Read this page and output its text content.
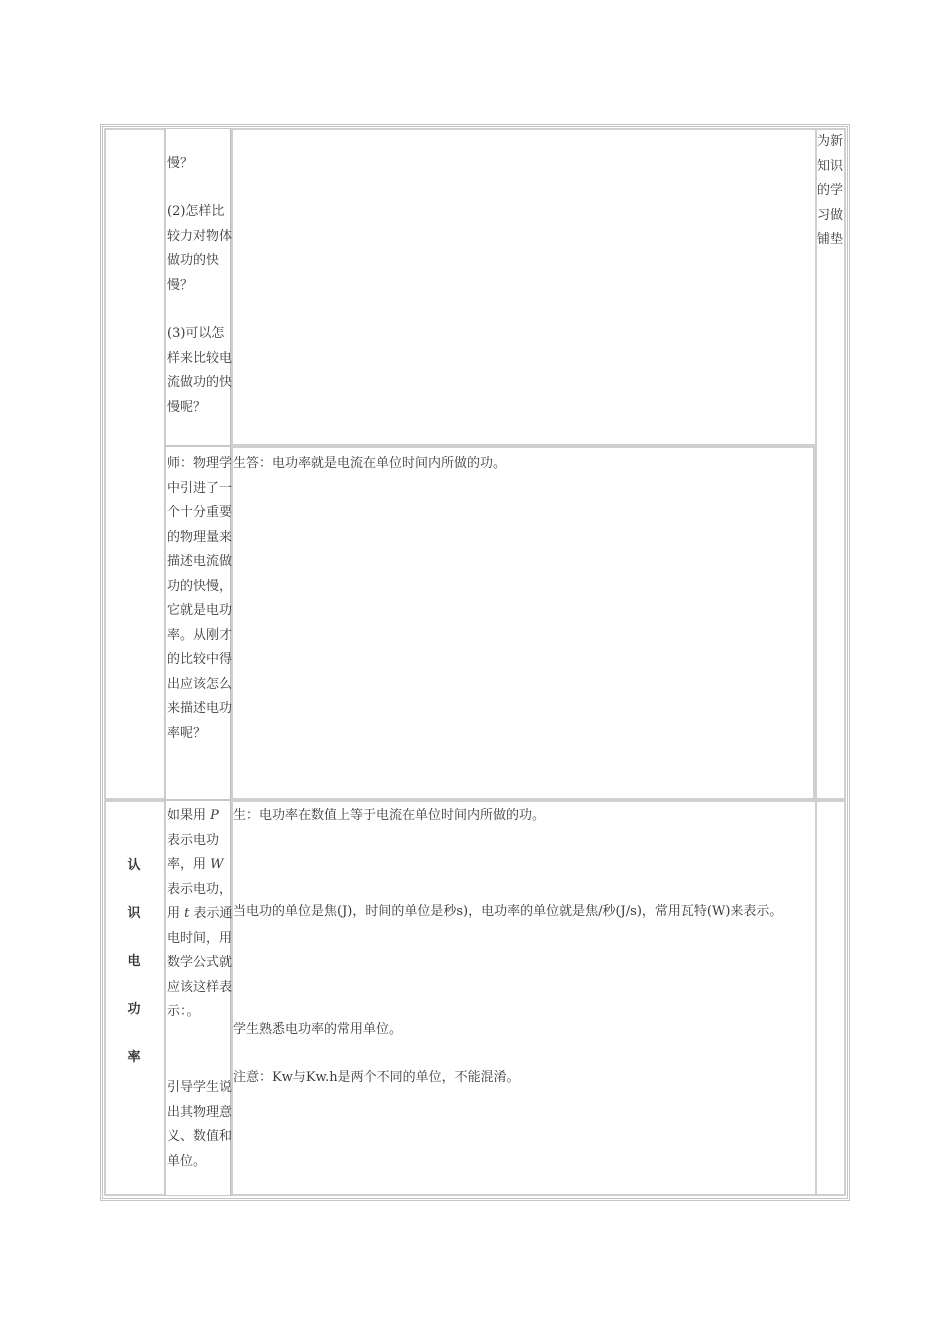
慢？
(2)怎样比较力对物体做功的快慢？
(3)可以怎样来比较电流做功的快慢呢？
为新知识的学习做铺垫
师：物理学中引进了一个十分重要的物理量来描述电流做功的快慢，它就是电功率。从刚才的比较中得出应该怎么来描述电功率呢？
生答：电功率就是电流在单位时间内所做的功。
认
识
电
功
率
如果用 P 表示电功率，用 W 表示电功，用 t 表示通电时间，用数学公式就应该这样表示：。
引导学生说出其物理意义、数值和单位。
生：电功率在数值上等于电流在单位时间内所做的功。
当电功的单位是焦(J)，时间的单位是秒s)，电功率的单位就是焦/秒(J/s)，常用瓦特(W)来表示。
学生熟悉电功率的常用单位。
注意：Kw与Kw.h是两个不同的单位，不能混淆。
